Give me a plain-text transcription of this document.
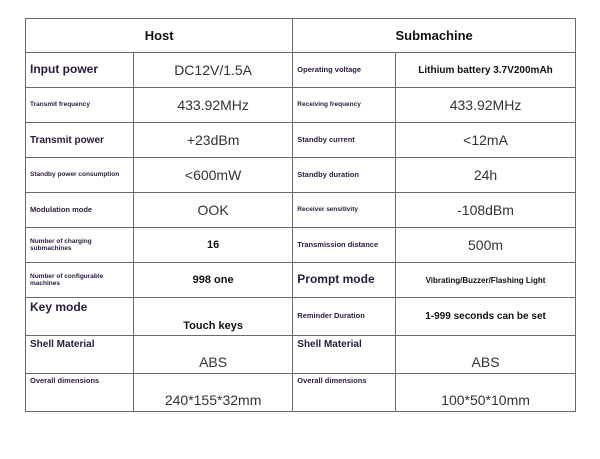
Host		Submachine	
Input power	DC12V/1.5A	Operating voltage	Lithium battery 3.7V200mAh
Transmit frequency	433.92MHz	Receiving frequency	433.92MHz
Transmit power	+23dBm	Standby current	<12mA
Standby power consumption	<600mW	Standby duration	24h
Modulation mode	OOK	Receiver sensitivity	-108dBm
Number of charging submachines	16	Transmission distance	500m
Number of configurable machines	998 one	Prompt mode	Vibrating/Buzzer/Flashing Light
Key mode	Touch keys	Reminder Duration	1-999 seconds can be set
Shell Material	ABS	Shell Material	ABS
Overall dimensions	240*155*32mm	Overall dimensions	100*50*10mm
